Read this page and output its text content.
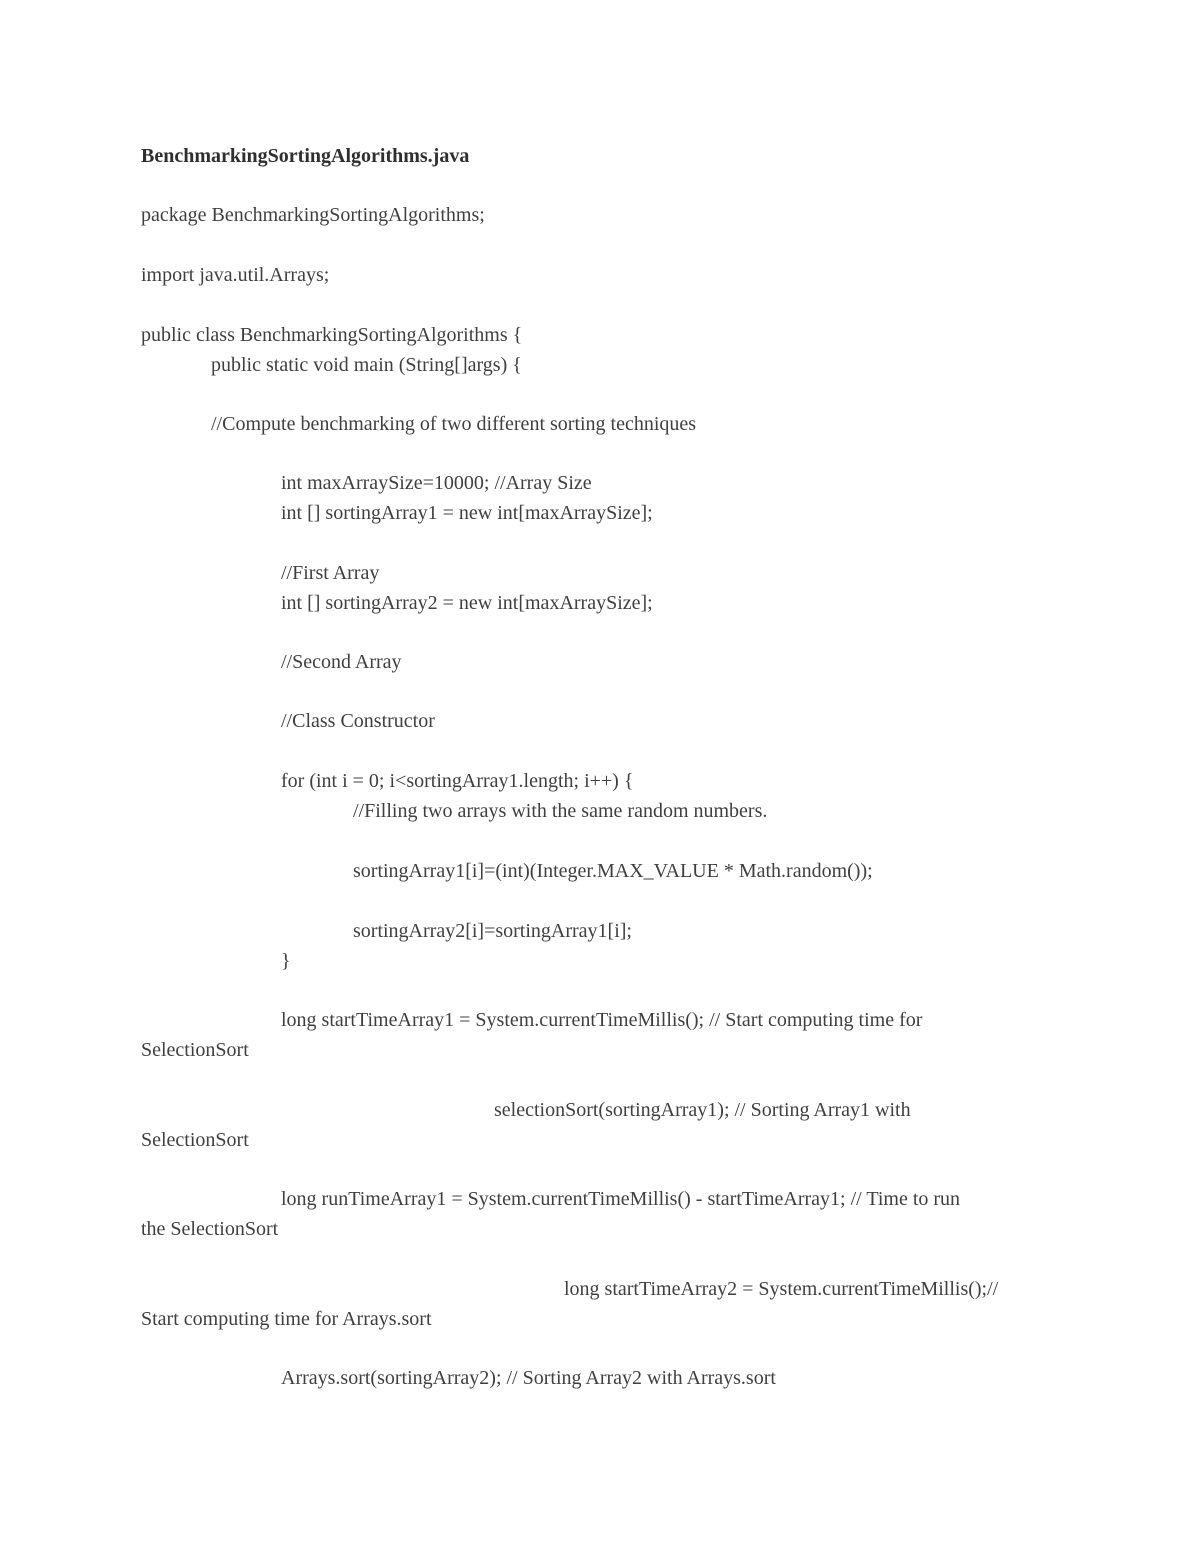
BenchmarkingSortingAlgorithms.java
package BenchmarkingSortingAlgorithms;
import java.util.Arrays;
public class BenchmarkingSortingAlgorithms {
public static void main (String[]args) {
//Compute benchmarking of two different sorting techniques
int maxArraySize=10000; //Array Size
int [] sortingArray1 = new int[maxArraySize];
//First Array
int [] sortingArray2 = new int[maxArraySize];
//Second Array
//Class Constructor
for (int i = 0; i<sortingArray1.length; i++) {
//Filling two arrays with the same random numbers.
sortingArray1[i]=(int)(Integer.MAX_VALUE * Math.random());
sortingArray2[i]=sortingArray1[i];
}
long startTimeArray1 = System.currentTimeMillis(); // Start computing time for
SelectionSort
selectionSort(sortingArray1); // Sorting Array1 with
SelectionSort
long runTimeArray1 = System.currentTimeMillis() - startTimeArray1; // Time to run
the SelectionSort
long startTimeArray2 = System.currentTimeMillis();//
Start computing time for Arrays.sort
Arrays.sort(sortingArray2); // Sorting Array2 with Arrays.sort
